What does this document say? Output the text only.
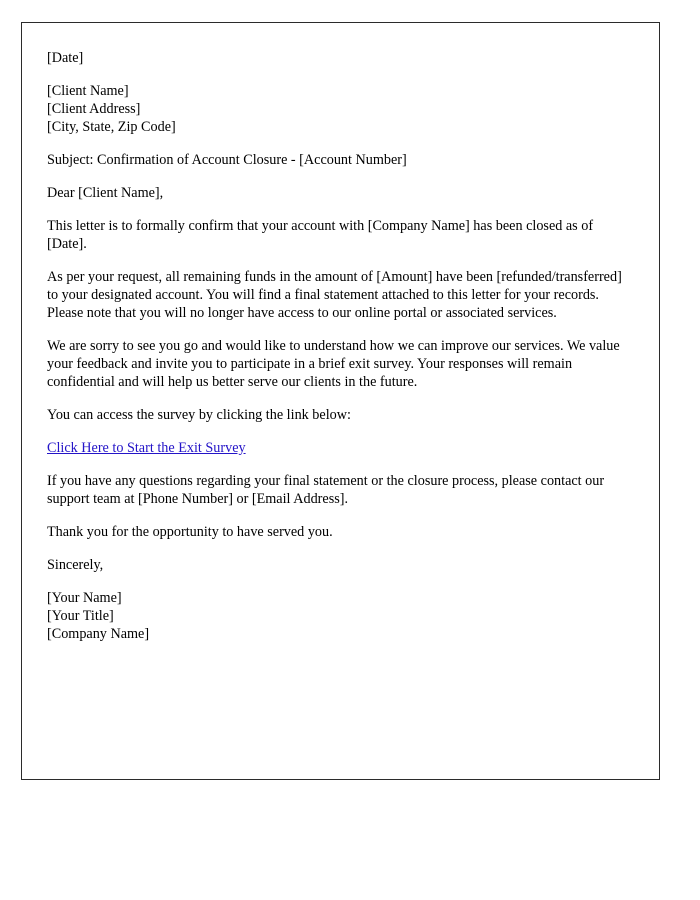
[Date]

[Client Name]

[Client Address]

[City, State, Zip Code]

Subject: Confirmation of Account Closure - [Account Number]

Dear [Client Name],

This letter is to formally confirm that your account with [Company Name] has been closed as of [Date].

As per your request, all remaining funds in the amount of [Amount] have been [refunded/transferred] to your designated account. You will find a final statement attached to this letter for your records. Please note that you will no longer have access to our online portal or associated services.

We are sorry to see you go and would like to understand how we can improve our services. We value your feedback and invite you to participate in a brief exit survey. Your responses will remain confidential and will help us better serve our clients in the future.

You can access the survey by clicking the link below:

Click Here to Start the Exit Survey

If you have any questions regarding your final statement or the closure process, please contact our support team at [Phone Number] or [Email Address].

Thank you for the opportunity to have served you.

Sincerely,

[Your Name]

[Your Title]

[Company Name]
